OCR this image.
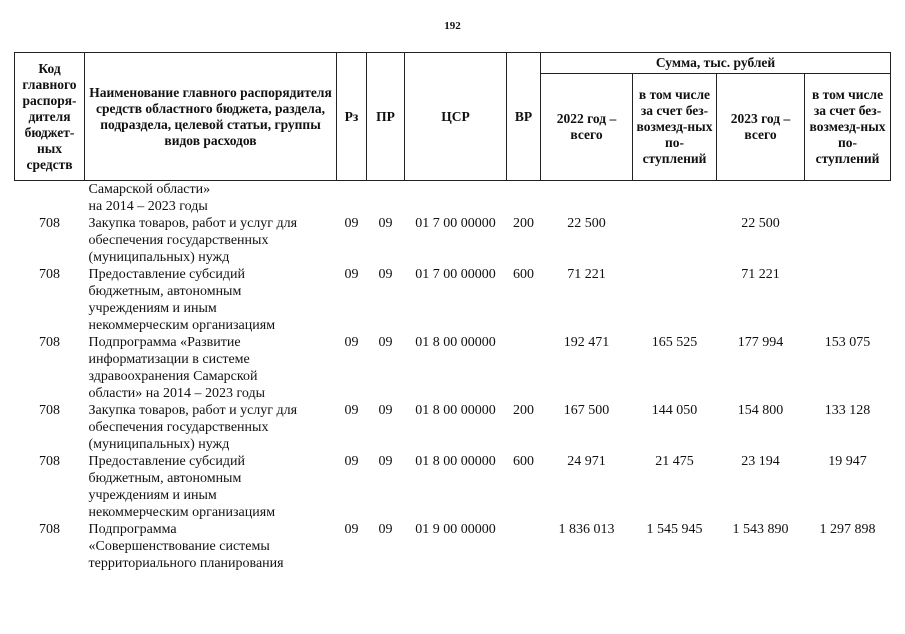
192
Код главного распоря-дителя бюджет-ных средств	Наименование главного распорядителя средств областного бюджета, раздела, подраздела, целевой статьи, группы видов расходов	Рз	ПР	ЦСР	ВР	Сумма, тыс. рублей			
						2022 год – всего	в том числе за счет без-возмезд-ных по-ступлений	2023 год – всего	в том числе за счет без-возмезд-ных по-ступлений

	Самарской области»
на 2014 – 2023 годы								

708	Закупка товаров, работ и услуг для
обеспечения государственных
(муниципальных) нужд	09	09	01 7 00 00000	200	22 500		22 500	
708	Предоставление субсидий
бюджетным, автономным
учреждениям и иным
некоммерческим организациям	09	09	01 7 00 00000	600	71 221		71 221	
708	Подпрограмма «Развитие
информатизации в системе
здравоохранения Самарской
области» на 2014 – 2023 годы	09	09	01 8 00 00000		192 471	165 525	177 994	153 075
708	Закупка товаров, работ и услуг для
обеспечения государственных
(муниципальных) нужд	09	09	01 8 00 00000	200	167 500	144 050	154 800	133 128
708	Предоставление субсидий
бюджетным, автономным
учреждениям и иным
некоммерческим организациям	09	09	01 8 00 00000	600	24 971	21 475	23 194	19 947
708	Подпрограмма
«Совершенствование системы
территориального планирования	09	09	01 9 00 00000		1 836 013	1 545 945	1 543 890	1 297 898
